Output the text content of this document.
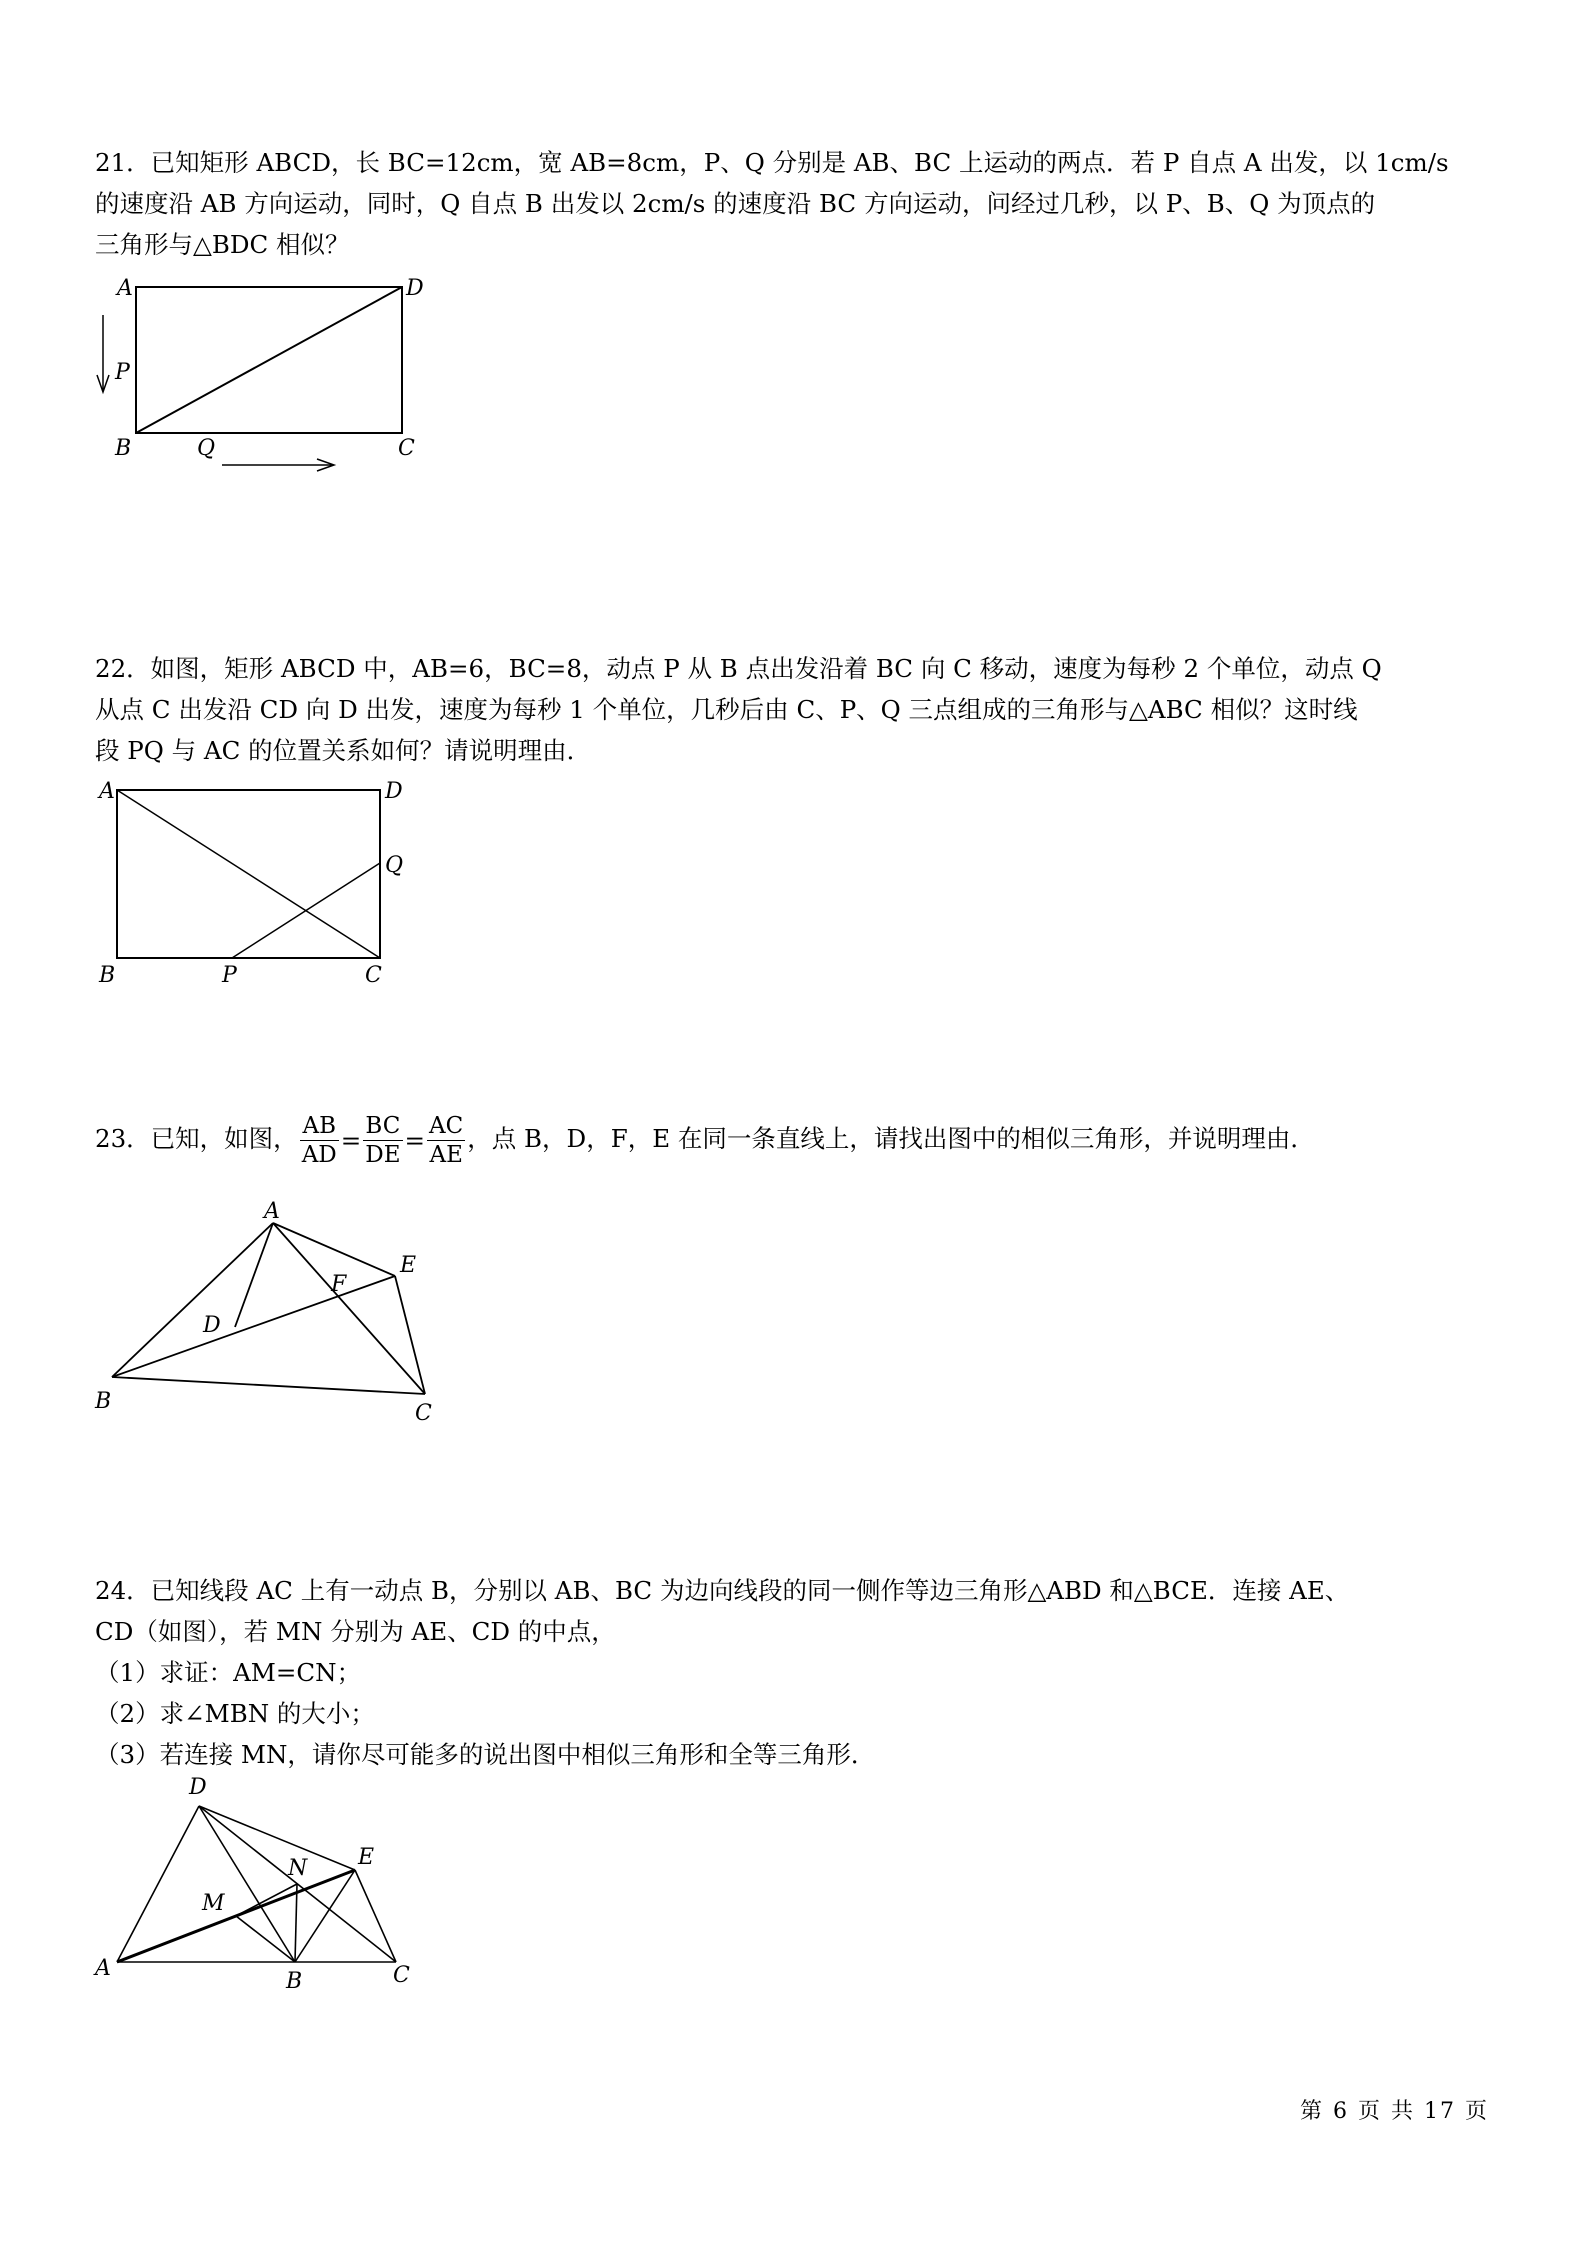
21．已知矩形 ABCD，长 BC=12cm，宽 AB=8cm，P、Q 分别是 AB、BC 上运动的两点．若 P 自点 A 出发，以 1cm/s

的速度沿 AB 方向运动，同时，Q 自点 B 出发以 2cm/s 的速度沿 BC 方向运动，问经过几秒，以 P、B、Q 为顶点的

三角形与△BDC 相似？

A	D
P
B	Q	C

22．如图，矩形 ABCD 中，AB=6，BC=8，动点 P 从 B 点出发沿着 BC 向 C 移动，速度为每秒 2 个单位，动点 Q

从点 C 出发沿 CD 向 D 出发，速度为每秒 1 个单位，几秒后由 C、P、Q 三点组成的三角形与△ABC 相似？这时线

段 PQ 与 AC 的位置关系如何？请说明理由．

A	D
Q
B	P	C

23．已知，如图， $\frac{AB}{AD} = \frac{BC}{DE} = \frac{AC}{AE}$ ，点 B，D，F，E 在同一条直线上，请找出图中的相似三角形，并说明理由．

A
E
F
D
B	C

24．已知线段 AC 上有一动点 B，分别以 AB、BC 为边向线段的同一侧作等边三角形△ABD 和△BCE．连接 AE、

CD（如图），若 MN 分别为 AE、CD 的中点，

（1）求证：AM=CN；

（2）求∠MBN 的大小；

（3）若连接 MN，请你尽可能多的说出图中相似三角形和全等三角形．

D
N E
M
A
B	C
第 6 页 共 17 页
